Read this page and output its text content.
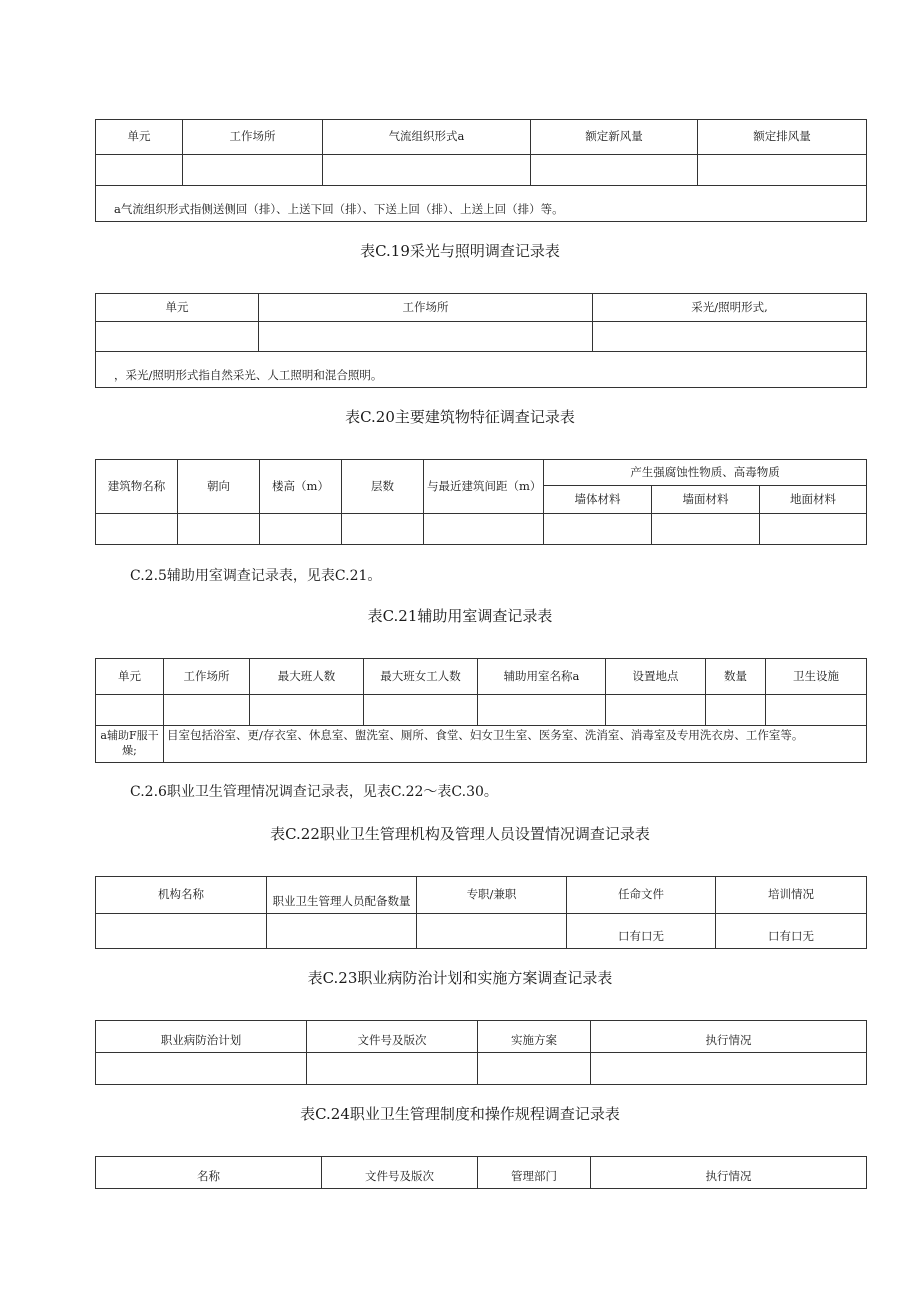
单元	工作场所	气流组织形式a	额定新风量	额定排风量

a气流组织形式指侧送侧回（排）、上送下回（排）、下送上回（排）、上送上回（排）等。				
表C.19采光与照明调查记录表
单元	工作场所	采光/照明形式,

，采光/照明形式指自然采光、人工照明和混合照明。		
表C.20主要建筑物特征调查记录表
建筑物名称	朝向	楼高（m）	层数	与最近建筑间距（m）	产生强腐蚀性物质、高毒物质		
					墙体材料	墙面材料	地面材料

C.2.5辅助用室调查记录表，见表C.21。
表C.21辅助用室调查记录表
单元	工作场所	最大班人数	最大班女工人数	辅助用室名称a	设置地点	数量	卫生设施

a辅助F服干燥;	目室包括浴室、更/存衣室、休息室、盥洗室、厕所、食堂、妇女卫生室、医务室、洗消室、消毒室及专用洗衣房、工作室等。						
C.2.6职业卫生管理情况调查记录表，见表C.22～表C.30。
表C.22职业卫生管理机构及管理人员设置情况调查记录表
机构名称	职业卫生管理人员配备数量	专职/兼职	任命文件	培训情况
			口有口无	口有口无
表C.23职业病防治计划和实施方案调查记录表
职业病防治计划	文件号及版次	实施方案	执行情况

表C.24职业卫生管理制度和操作规程调查记录表
名称	文件号及版次	管理部门	执行情况
